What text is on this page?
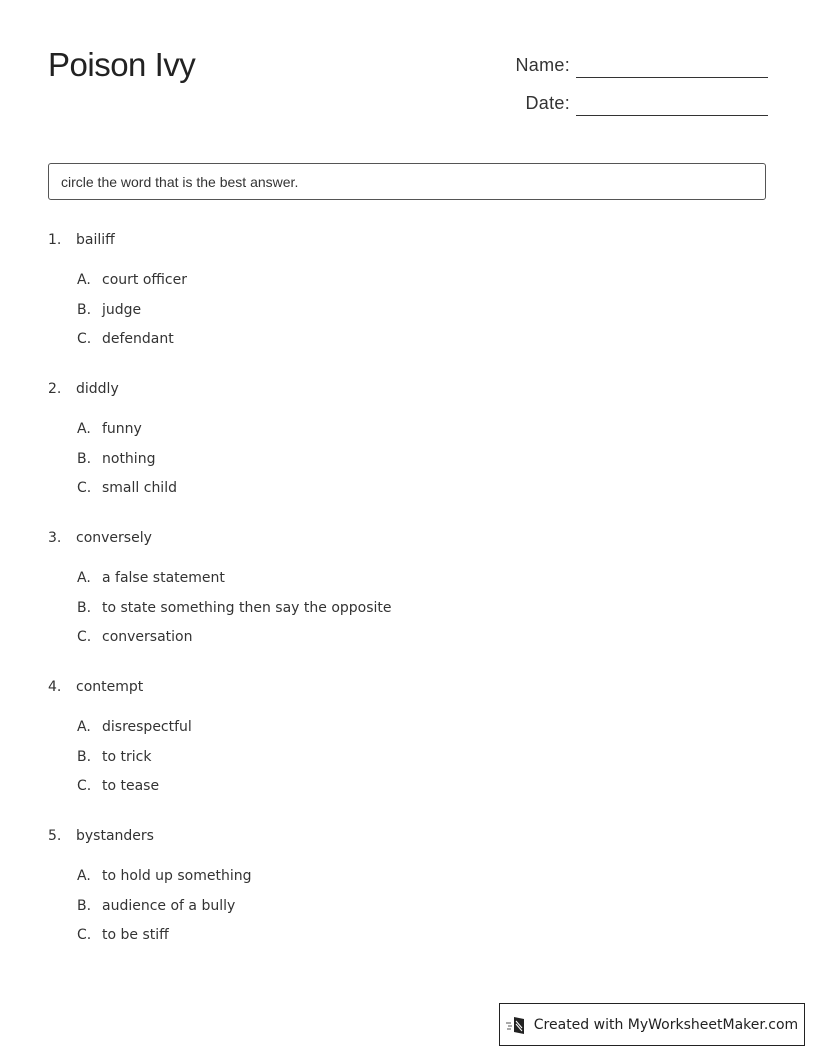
Poison Ivy	Name:
Date:
circle the word that is the best answer.
1. bailiff
A. court officer
B. judge
C. defendant
2. diddly
A. funny
B. nothing
C. small child
3. conversely
A. a false statement
B. to state something then say the opposite
C. conversation
4. contempt
A. disrespectful
B. to trick
C. to tease
5. bystanders
A. to hold up something
B. audience of a bully
C. to be stiff
Created with MyWorksheetMaker.com
